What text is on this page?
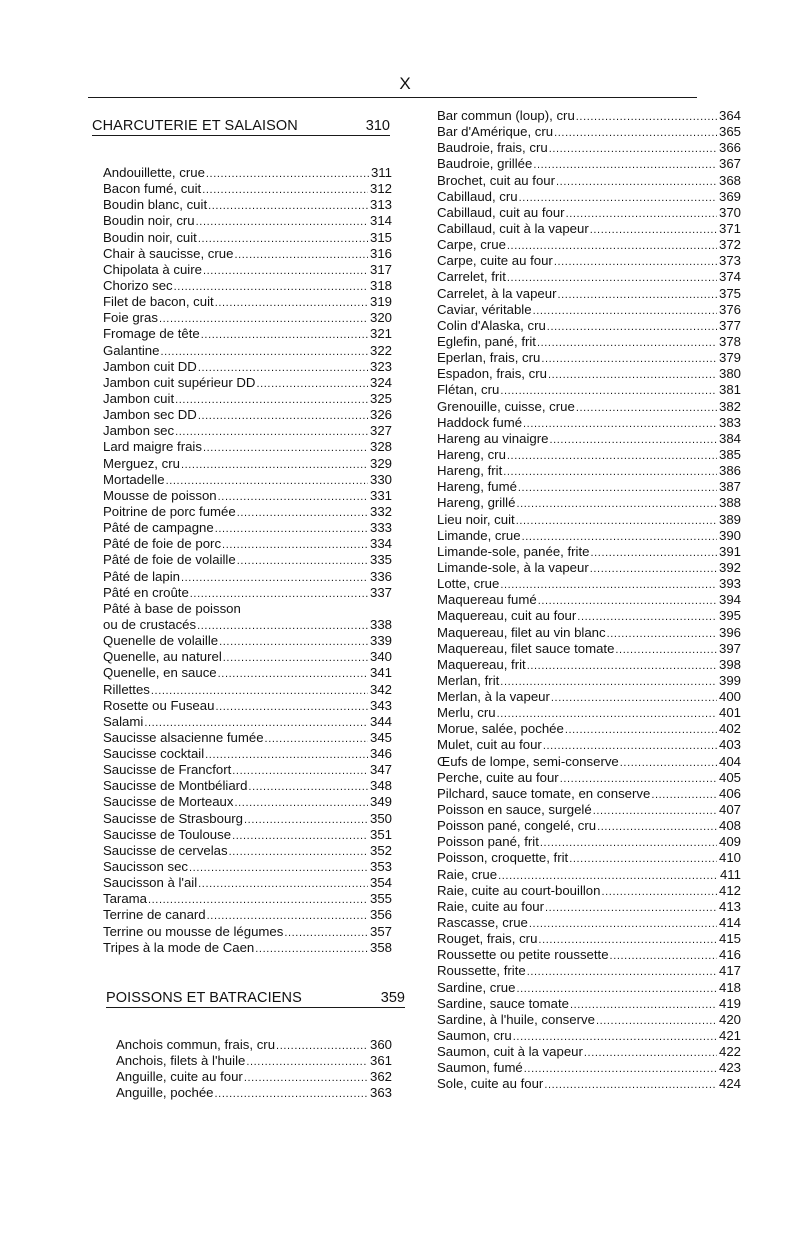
X
CHARCUTERIE ET SALAISON	310
Andouillette, crue .....	311
Bacon fumé, cuit .....	312
Boudin blanc, cuit .....	313
Boudin noir, cru .....	314
Boudin noir, cuit .....	315
Chair à saucisse, crue .....	316
Chipolata à cuire .....	317
Chorizo sec .....	318
Filet de bacon, cuit .....	319
Foie gras .....	320
Fromage de tête .....	321
Galantine .....	322
Jambon cuit DD .....	323
Jambon cuit supérieur DD .....	324
Jambon cuit .....	325
Jambon sec DD .....	326
Jambon sec .....	327
Lard maigre frais .....	328
Merguez, cru .....	329
Mortadelle .....	330
Mousse de poisson .....	331
Poitrine de porc fumée .....	332
Pâté de campagne .....	333
Pâté de foie de porc .....	334
Pâté de foie de volaille .....	335
Pâté de lapin .....	336
Pâté en croûte .....	337
Pâté à base de poisson
ou de crustacés .....	338
Quenelle de volaille .....	339
Quenelle, au naturel .....	340
Quenelle, en sauce .....	341
Rillettes .....	342
Rosette ou Fuseau .....	343
Salami .....	344
Saucisse alsacienne fumée .....	345
Saucisse cocktail .....	346
Saucisse de Francfort .....	347
Saucisse de Montbéliard .....	348
Saucisse de Morteaux .....	349
Saucisse de Strasbourg .....	350
Saucisse de Toulouse .....	351
Saucisse de cervelas .....	352
Saucisson sec .....	353
Saucisson à l'ail .....	354
Tarama .....	355
Terrine de canard .....	356
Terrine ou mousse de légumes .....	357
Tripes à la mode de Caen .....	358
POISSONS ET BATRACIENS	359
Anchois commun, frais, cru .....	360
Anchois, filets à l'huile .....	361
Anguille, cuite au four .....	362
Anguille, pochée .....	363
Bar commun (loup), cru .....	364
Bar d'Amérique, cru .....	365
Baudroie, frais, cru .....	366
Baudroie, grillée .....	367
Brochet, cuit au four .....	368
Cabillaud, cru .....	369
Cabillaud, cuit au four .....	370
Cabillaud, cuit à la vapeur .....	371
Carpe, crue .....	372
Carpe, cuite au four .....	373
Carrelet, frit .....	374
Carrelet, à la vapeur .....	375
Caviar, véritable .....	376
Colin d'Alaska, cru .....	377
Eglefin, pané, frit .....	378
Eperlan, frais, cru .....	379
Espadon, frais, cru .....	380
Flétan, cru .....	381
Grenouille, cuisse, crue .....	382
Haddock fumé .....	383
Hareng au vinaigre .....	384
Hareng, cru .....	385
Hareng, frit .....	386
Hareng, fumé .....	387
Hareng, grillé .....	388
Lieu noir, cuit .....	389
Limande, crue .....	390
Limande-sole, panée, frite .....	391
Limande-sole, à la vapeur .....	392
Lotte, crue .....	393
Maquereau fumé .....	394
Maquereau, cuit au four .....	395
Maquereau, filet au vin blanc .....	396
Maquereau, filet sauce tomate .....	397
Maquereau, frit .....	398
Merlan, frit .....	399
Merlan, à la vapeur .....	400
Merlu, cru .....	401
Morue, salée, pochée .....	402
Mulet, cuit au four .....	403
Œufs de lompe, semi-conserve .....	404
Perche, cuite au four .....	405
Pilchard, sauce tomate, en conserve .....	406
Poisson en sauce, surgelé .....	407
Poisson pané, congelé, cru .....	408
Poisson pané, frit .....	409
Poisson, croquette, frit .....	410
Raie, crue .....	411
Raie, cuite au court-bouillon .....	412
Raie, cuite au four .....	413
Rascasse, crue .....	414
Rouget, frais, cru .....	415
Roussette ou petite roussette .....	416
Roussette, frite .....	417
Sardine, crue .....	418
Sardine, sauce tomate .....	419
Sardine, à l'huile, conserve .....	420
Saumon, cru .....	421
Saumon, cuit à la vapeur .....	422
Saumon, fumé .....	423
Sole, cuite au four .....	424
